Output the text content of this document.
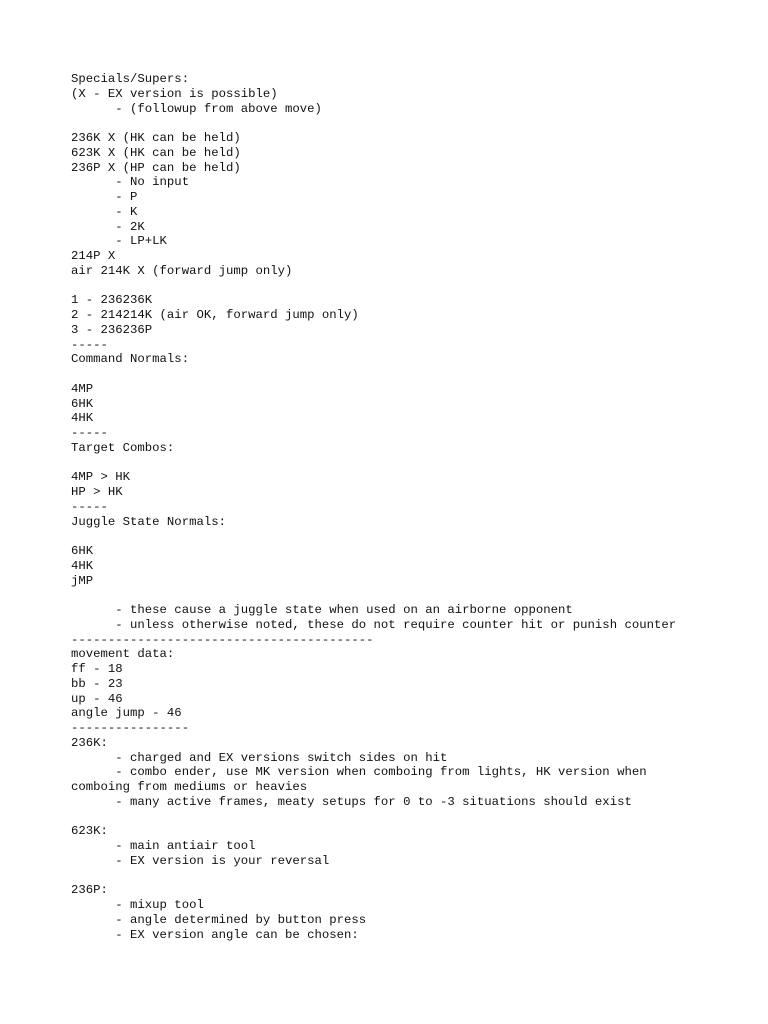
Specials/Supers:
(X - EX version is possible)
- (followup from above move)
236K X (HK can be held)
623K X (HK can be held)
236P X (HP can be held)
- No input
- P
- K
- 2K
- LP+LK
214P X
air 214K X (forward jump only)
1 - 236236K
2 - 214214K (air OK, forward jump only)
3 - 236236P
-----
Command Normals:
4MP
6HK
4HK
-----
Target Combos:
4MP > HK
HP > HK
-----
Juggle State Normals:
6HK
4HK
jMP
- these cause a juggle state when used on an airborne opponent
- unless otherwise noted, these do not require counter hit or punish counter
-----------------------------------------
movement data:
ff - 18
bb - 23
up - 46
angle jump - 46
----------------
236K:
- charged and EX versions switch sides on hit
- combo ender, use MK version when comboing from lights, HK version when
comboing from mediums or heavies
- many active frames, meaty setups for 0 to -3 situations should exist
623K:
- main antiair tool
- EX version is your reversal
236P:
- mixup tool
- angle determined by button press
- EX version angle can be chosen:
